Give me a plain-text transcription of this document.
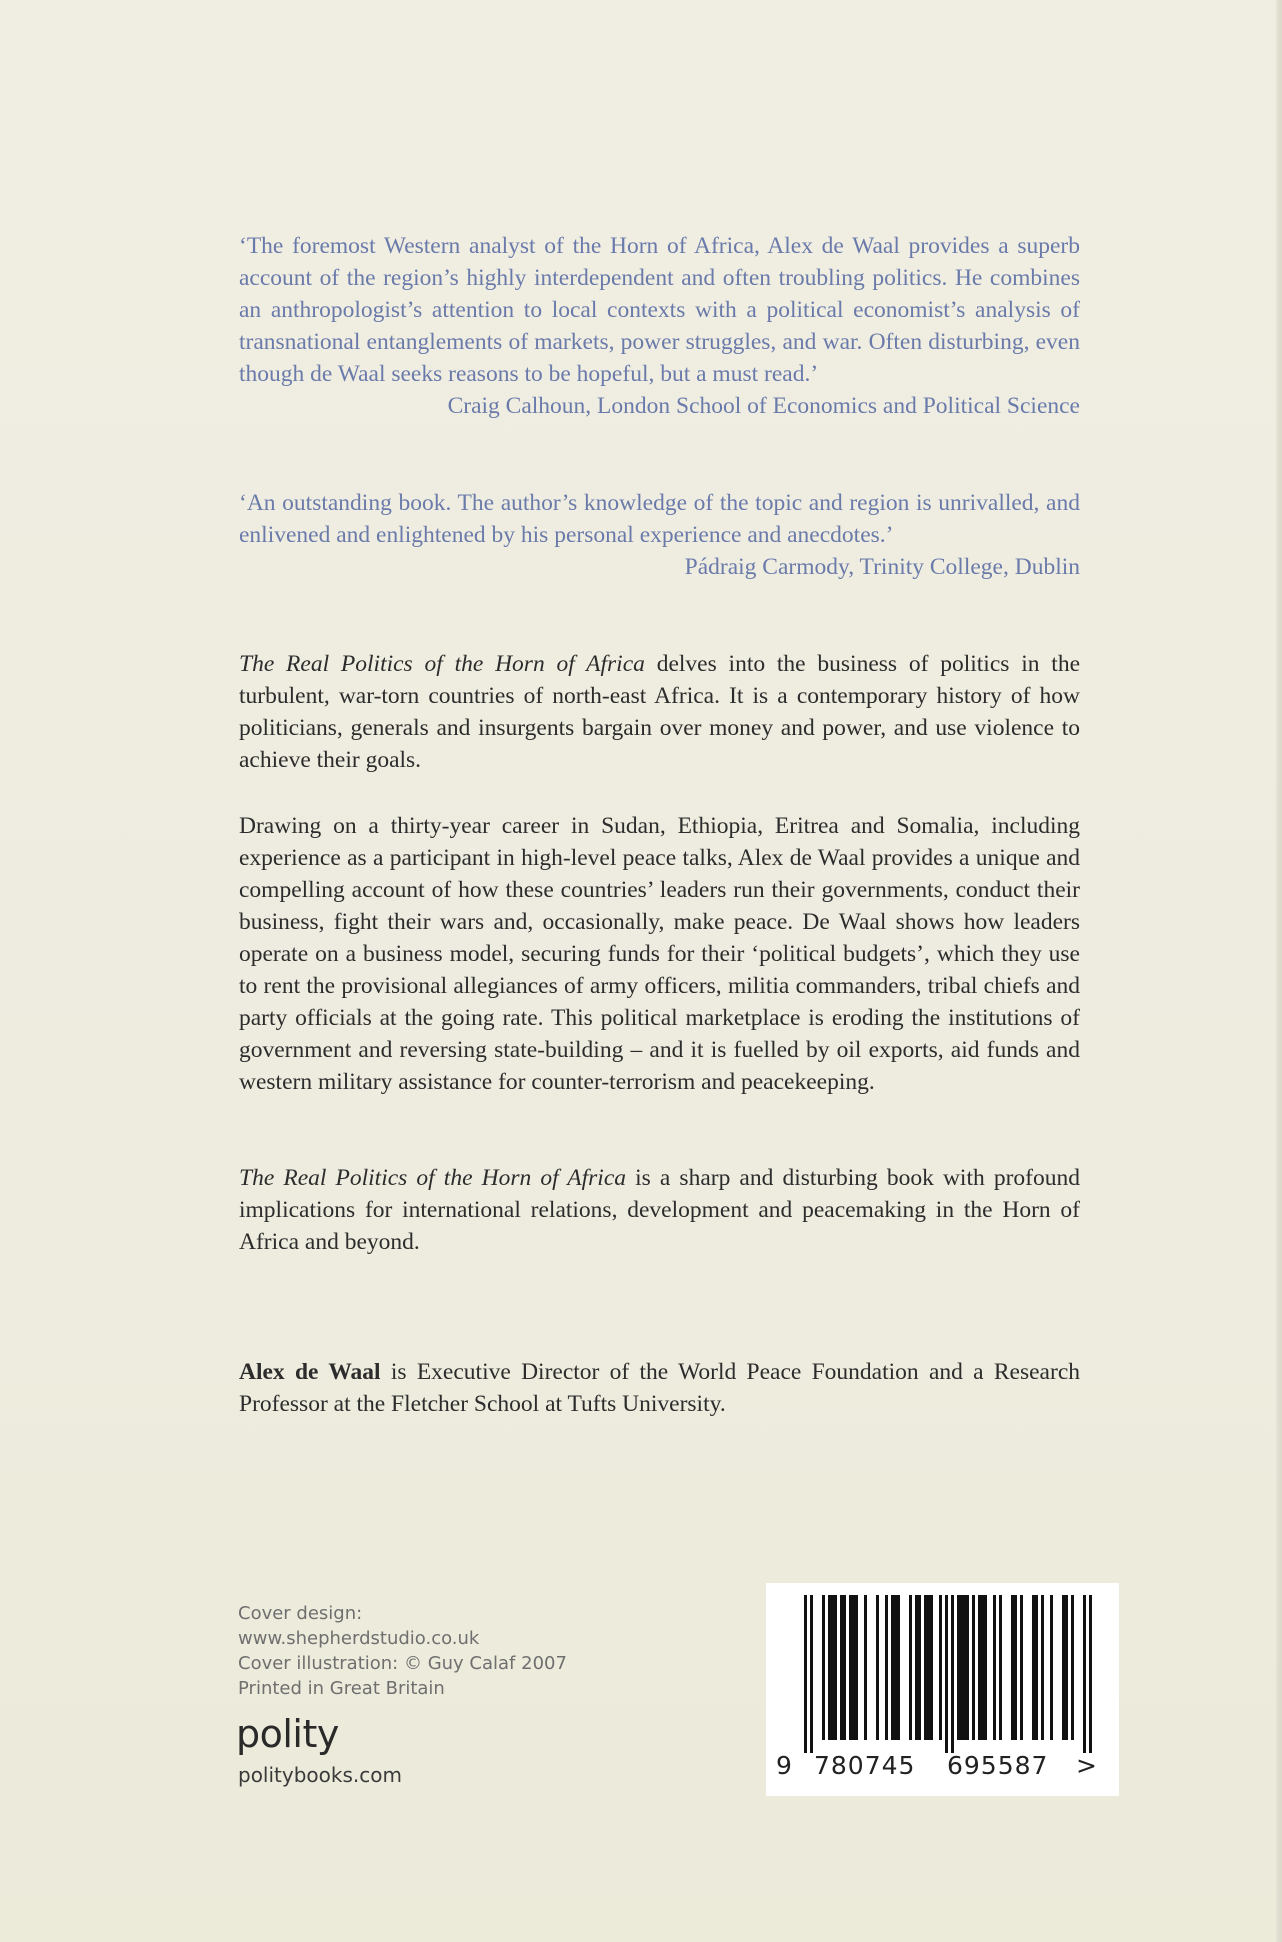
‘The foremost Western analyst of the Horn of Africa, Alex de Waal provides a superb account of the region’s highly interdependent and often troubling politics. He combines an anthropologist’s attention to local contexts with a political economist’s analysis of transnational entanglements of markets, power struggles, and war. Often disturbing, even though de Waal seeks reasons to be hopeful, but a must read.’
Craig Calhoun, London School of Economics and Political Science
‘An outstanding book. The author’s knowledge of the topic and region is unrivalled, and enlivened and enlightened by his personal experience and anecdotes.’
Pádraig Carmody, Trinity College, Dublin
The Real Politics of the Horn of Africa delves into the business of politics in the turbulent, war-torn countries of north-east Africa. It is a contemporary history of how politicians, generals and insurgents bargain over money and power, and use violence to achieve their goals.
Drawing on a thirty-year career in Sudan, Ethiopia, Eritrea and Somalia, including experience as a participant in high-level peace talks, Alex de Waal provides a unique and compelling account of how these countries’ leaders run their governments, conduct their business, fight their wars and, occasionally, make peace. De Waal shows how leaders operate on a business model, securing funds for their ‘political budgets’, which they use to rent the provisional allegiances of army officers, militia commanders, tribal chiefs and party officials at the going rate. This political marketplace is eroding the institutions of government and reversing state-building – and it is fuelled by oil exports, aid funds and western military assistance for counter-terrorism and peacekeeping.
The Real Politics of the Horn of Africa is a sharp and disturbing book with profound implications for international relations, development and peacemaking in the Horn of Africa and beyond.
Alex de Waal is Executive Director of the World Peace Foundation and a Research Professor at the Fletcher School at Tufts University.
Cover design:
www.shepherdstudio.co.uk
Cover illustration: © Guy Calaf 2007
Printed in Great Britain
polity
politybooks.com	9 780745 695587 >
